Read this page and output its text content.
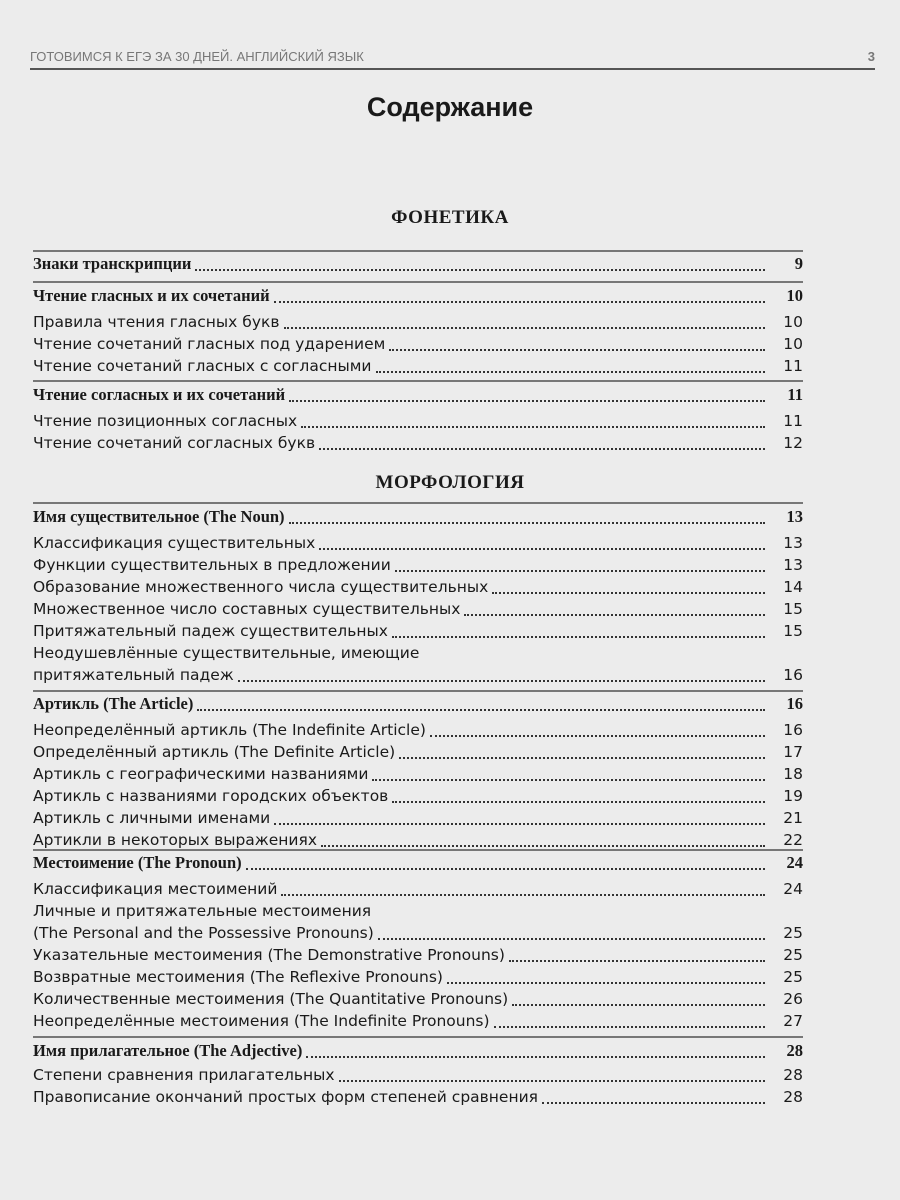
ГОТОВИМСЯ К ЕГЭ ЗА 30 ДНЕЙ. АНГЛИЙСКИЙ ЯЗЫК	3
Содержание
ФОНЕТИКА
Знаки транскрипции	9
Чтение гласных и их сочетаний	10
Правила чтения гласных букв	10
Чтение сочетаний гласных под ударением	10
Чтение сочетаний гласных с согласными	11
Чтение согласных и их сочетаний	11
Чтение позиционных согласных	11
Чтение сочетаний согласных букв	12
МОРФОЛОГИЯ
Имя существительное (The Noun)	13
Классификация существительных	13
Функции существительных в предложении	13
Образование множественного числа существительных	14
Множественное число составных существительных	15
Притяжательный падеж существительных	15
Неодушевлённые существительные, имеющие
притяжательный падеж	16
Артикль (The Article)	16
Неопределённый артикль (The Indefinite Article)	16
Определённый артикль (The Definite Article)	17
Артикль с географическими названиями	18
Артикль с названиями городских объектов	19
Артикль с личными именами	21
Артикли в некоторых выражениях	22
Местоимение (The Pronoun)	24
Классификация местоимений	24
Личные и притяжательные местоимения
(The Personal and the Possessive Pronouns)	25
Указательные местоимения (The Demonstrative Pronouns)	25
Возвратные местоимения (The Reflexive Pronouns)	25
Количественные местоимения (The Quantitative Pronouns)	26
Неопределённые местоимения (The Indefinite Pronouns)	27
Имя прилагательное (The Adjective)	28
Степени сравнения прилагательных	28
Правописание окончаний простых форм степеней сравнения	28
